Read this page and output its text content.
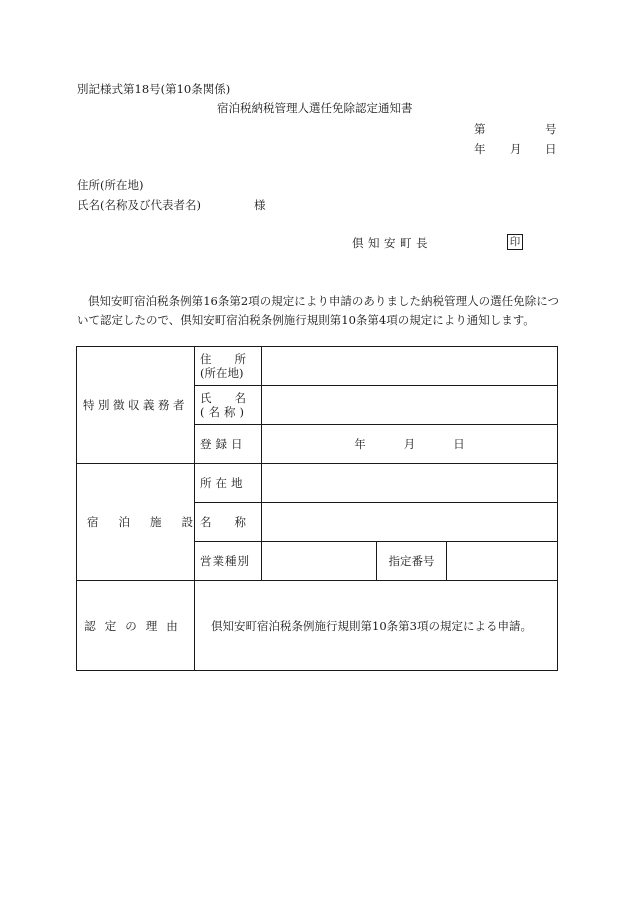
別記様式第18号(第10条関係)
宿泊税納税管理人選任免除認定通知書
第	号
年 月 日
住所(所在地)
氏名(名称及び代表者名)	様
倶知安町長	印
倶知安町宿泊税条例第16条第2項の規定により申請のありました納税管理人の選任免除について認定したので、倶知安町宿泊税条例施行規則第10条第4項の規定により通知します。
特別徴収義務者	住　　所
(所在地)			

	氏　　名
(名称)			

	登録日	年 月 日		
宿泊施設	所在地			
	名　　称			
	営業種別		指定番号	
認定の理由	倶知安町宿泊税条例施行規則第10条第3項の規定による申請。			
